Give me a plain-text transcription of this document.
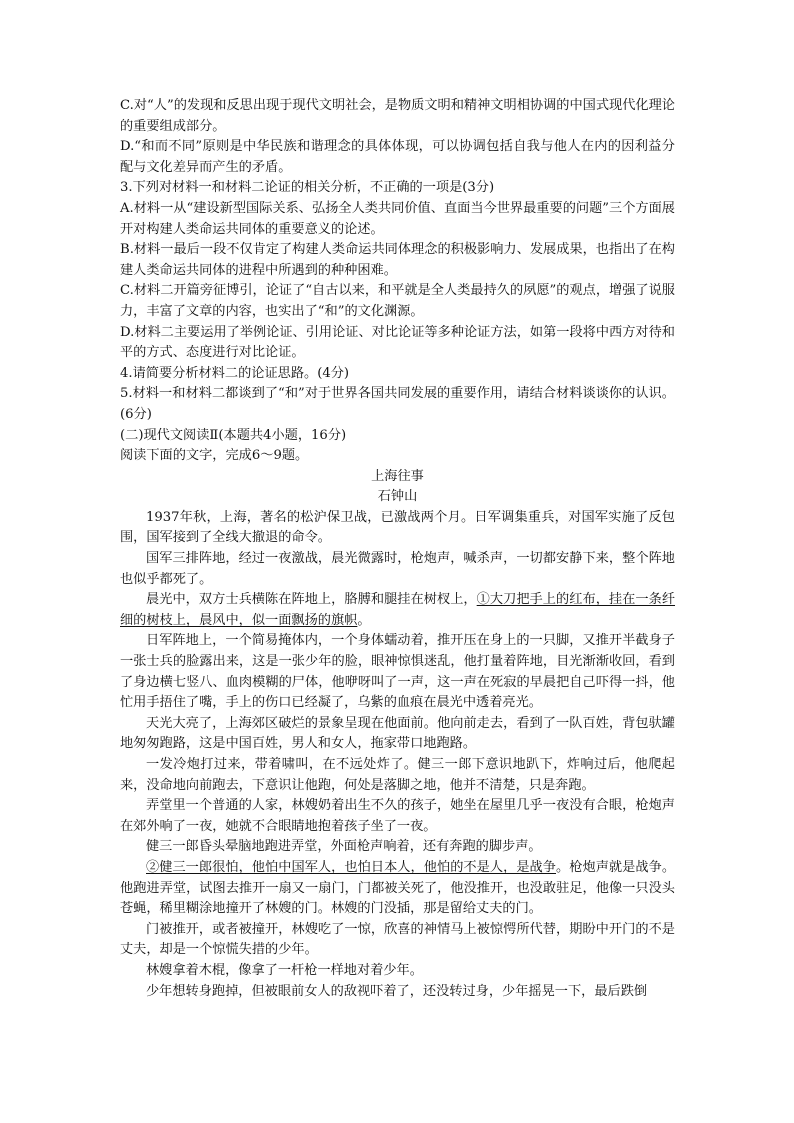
C.对“人”的发现和反思出现于现代文明社会，是物质文明和精神文明相协调的中国式现代化理论的重要组成部分。

D.“和而不同”原则是中华民族和谐理念的具体体现，可以协调包括自我与他人在内的因利益分配与文化差异而产生的矛盾。

3.下列对材料一和材料二论证的相关分析，不正确的一项是(3分)

A.材料一从“建设新型国际关系、弘扬全人类共同价值、直面当今世界最重要的问题”三个方面展开对构建人类命运共同体的重要意义的论述。

B.材料一最后一段不仅肯定了构建人类命运共同体理念的积极影响力、发展成果，也指出了在构建人类命运共同体的进程中所遇到的种种困难。

C.材料二开篇旁征博引，论证了“自古以来，和平就是全人类最持久的夙愿”的观点，增强了说服力，丰富了文章的内容，也实出了“和”的文化渊源。

D.材料二主要运用了举例论证、引用论证、对比论证等多种论证方法，如第一段将中西方对待和平的方式、态度进行对比论证。

4.请简要分析材料二的论证思路。(4分)

5.材料一和材料二都谈到了“和”对于世界各国共同发展的重要作用，请结合材料谈谈你的认识。(6分)

(二)现代文阅读Ⅱ(本题共4小题，16分)

阅读下面的文字，完成6～9题。

上海往事

石钟山

1937年秋，上海，著名的松沪保卫战，已激战两个月。日军调集重兵，对国军实施了反包围，国军接到了全线大撤退的命令。

国军三排阵地，经过一夜激战，晨光微露时，枪炮声，喊杀声，一切都安静下来，整个阵地也似乎都死了。

晨光中，双方士兵横陈在阵地上，胳膊和腿挂在树杈上，①大刀把手上的红布，挂在一条纤细的树枝上，晨风中，似一面飘扬的旗帜。

日军阵地上，一个简易掩体内，一个身体蠕动着，推开压在身上的一只脚，又推开半截身子一张士兵的脸露出来，这是一张少年的脸，眼神惊惧迷乱，他打量着阵地，目光渐渐收回，看到了身边横七竖八、血肉模糊的尸体，他咿呀叫了一声，这一声在死寂的早晨把自己吓得一抖，他忙用手捂住了嘴，手上的伤口已经凝了，乌紫的血痕在晨光中透着亮光。

天光大亮了，上海郊区破烂的景象呈现在他面前。他向前走去，看到了一队百姓，背包驮罐地匆匆跑路，这是中国百姓，男人和女人，拖家带口地跑路。

一发冷炮打过来，带着啸叫，在不远处炸了。健三一郎下意识地趴下，炸响过后，他爬起来，没命地向前跑去，下意识让他跑，何处是落脚之地，他并不清楚，只是奔跑。

弄堂里一个普通的人家，林嫂奶着出生不久的孩子，她坐在屋里几乎一夜没有合眼，枪炮声在郊外响了一夜，她就不合眼睛地抱着孩子坐了一夜。

健三一郎昏头晕脑地跑进弄堂，外面枪声响着，还有奔跑的脚步声。

②健三一郎很怕，他怕中国军人，也怕日本人，他怕的不是人，是战争。枪炮声就是战争。他跑进弄堂，试图去推开一扇又一扇门，门都被关死了，他没推开，也没敢驻足，他像一只没头苍蝇，稀里糊涂地撞开了林嫂的门。林嫂的门没插，那是留给丈夫的门。

门被推开，或者被撞开，林嫂吃了一惊，欣喜的神情马上被惊愕所代替，期盼中开门的不是丈夫，却是一个惊慌失措的少年。

林嫂拿着木棍，像拿了一杆枪一样地对着少年。

少年想转身跑掉，但被眼前女人的敌视吓着了，还没转过身，少年摇晃一下，最后跌倒
